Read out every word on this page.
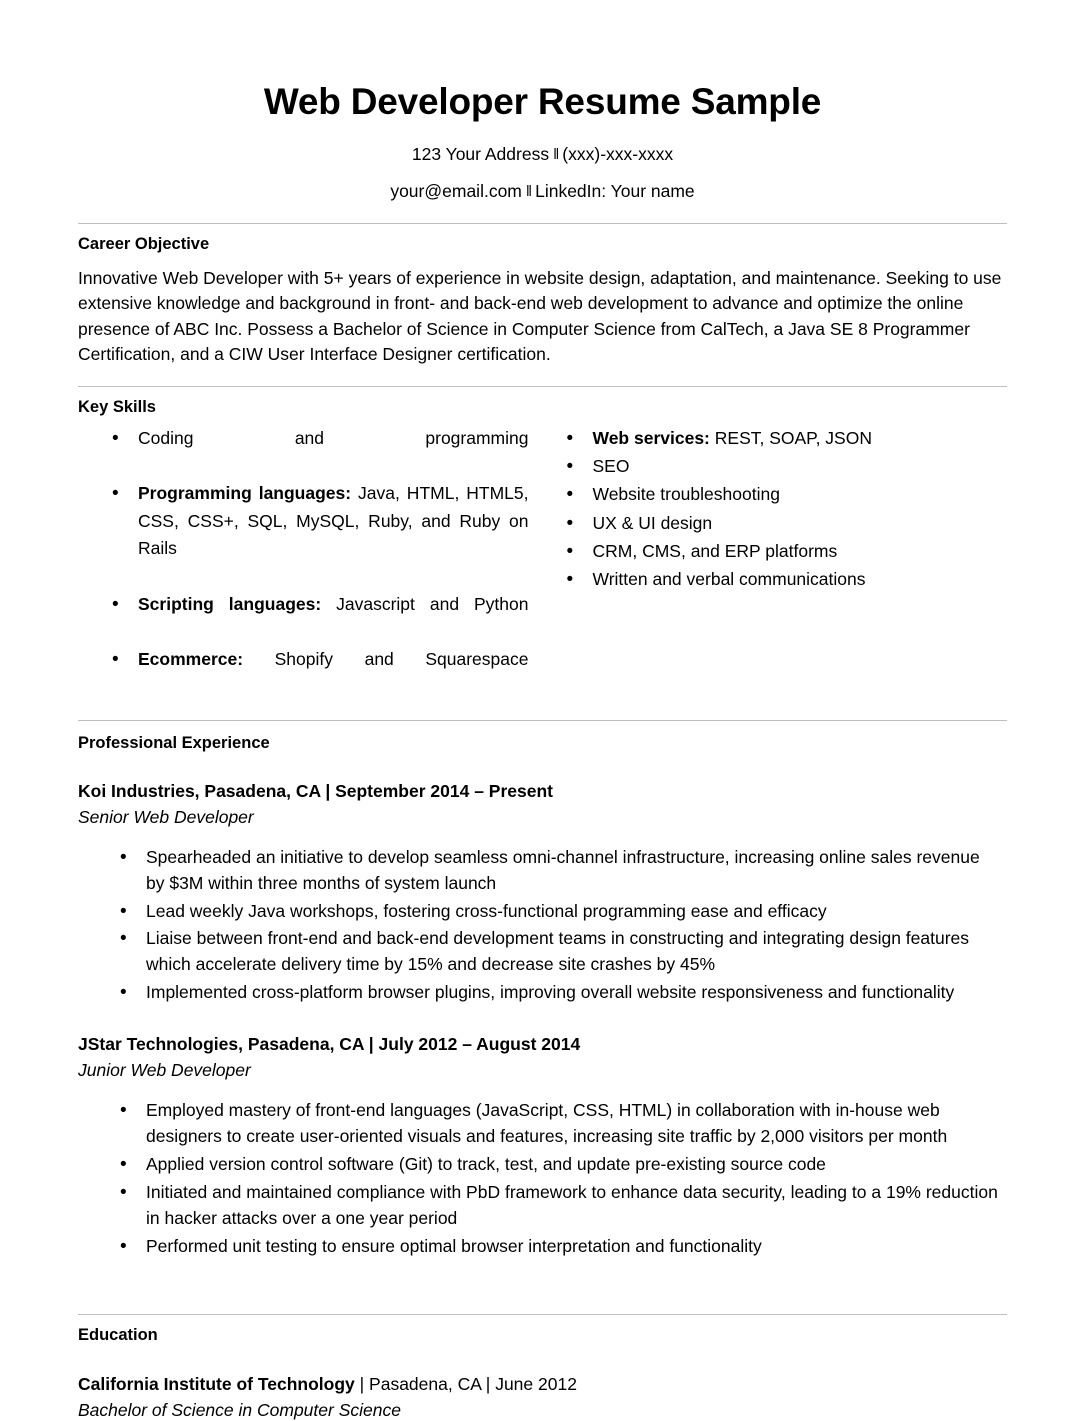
Web Developer Resume Sample
123 Your Address ‖ (xxx)-xxx-xxxx
your@email.com ‖ LinkedIn: Your name
Career Objective

Innovative Web Developer with 5+ years of experience in website design, adaptation, and maintenance. Seeking to use extensive knowledge and background in front- and back-end web development to advance and optimize the online presence of ABC Inc. Possess a Bachelor of Science in Computer Science from CalTech, a Java SE 8 Programmer Certification, and a CIW User Interface Designer certification.

Key Skills
• Coding and programming
• Programming languages: Java, HTML, HTML5, CSS, CSS+, SQL, MySQL, Ruby, and Ruby on Rails
• Scripting languages: Javascript and Python
• Ecommerce: Shopify and Squarespace
• Web services: REST, SOAP, JSON
• SEO
• Website troubleshooting
• UX & UI design
• CRM, CMS, and ERP platforms
• Written and verbal communications
Professional Experience
Koi Industries, Pasadena, CA | September 2014 – Present
Senior Web Developer
• Spearheaded an initiative to develop seamless omni-channel infrastructure, increasing online sales revenue by $3M within three months of system launch
• Lead weekly Java workshops, fostering cross-functional programming ease and efficacy
• Liaise between front-end and back-end development teams in constructing and integrating design features which accelerate delivery time by 15% and decrease site crashes by 45%
• Implemented cross-platform browser plugins, improving overall website responsiveness and functionality
JStar Technologies, Pasadena, CA | July 2012 – August 2014
Junior Web Developer
• Employed mastery of front-end languages (JavaScript, CSS, HTML) in collaboration with in-house web designers to create user-oriented visuals and features, increasing site traffic by 2,000 visitors per month
• Applied version control software (Git) to track, test, and update pre-existing source code
• Initiated and maintained compliance with PbD framework to enhance data security, leading to a 19% reduction in hacker attacks over a one year period
• Performed unit testing to ensure optimal browser interpretation and functionality
Education
California Institute of Technology | Pasadena, CA | June 2012
Bachelor of Science in Computer Science
